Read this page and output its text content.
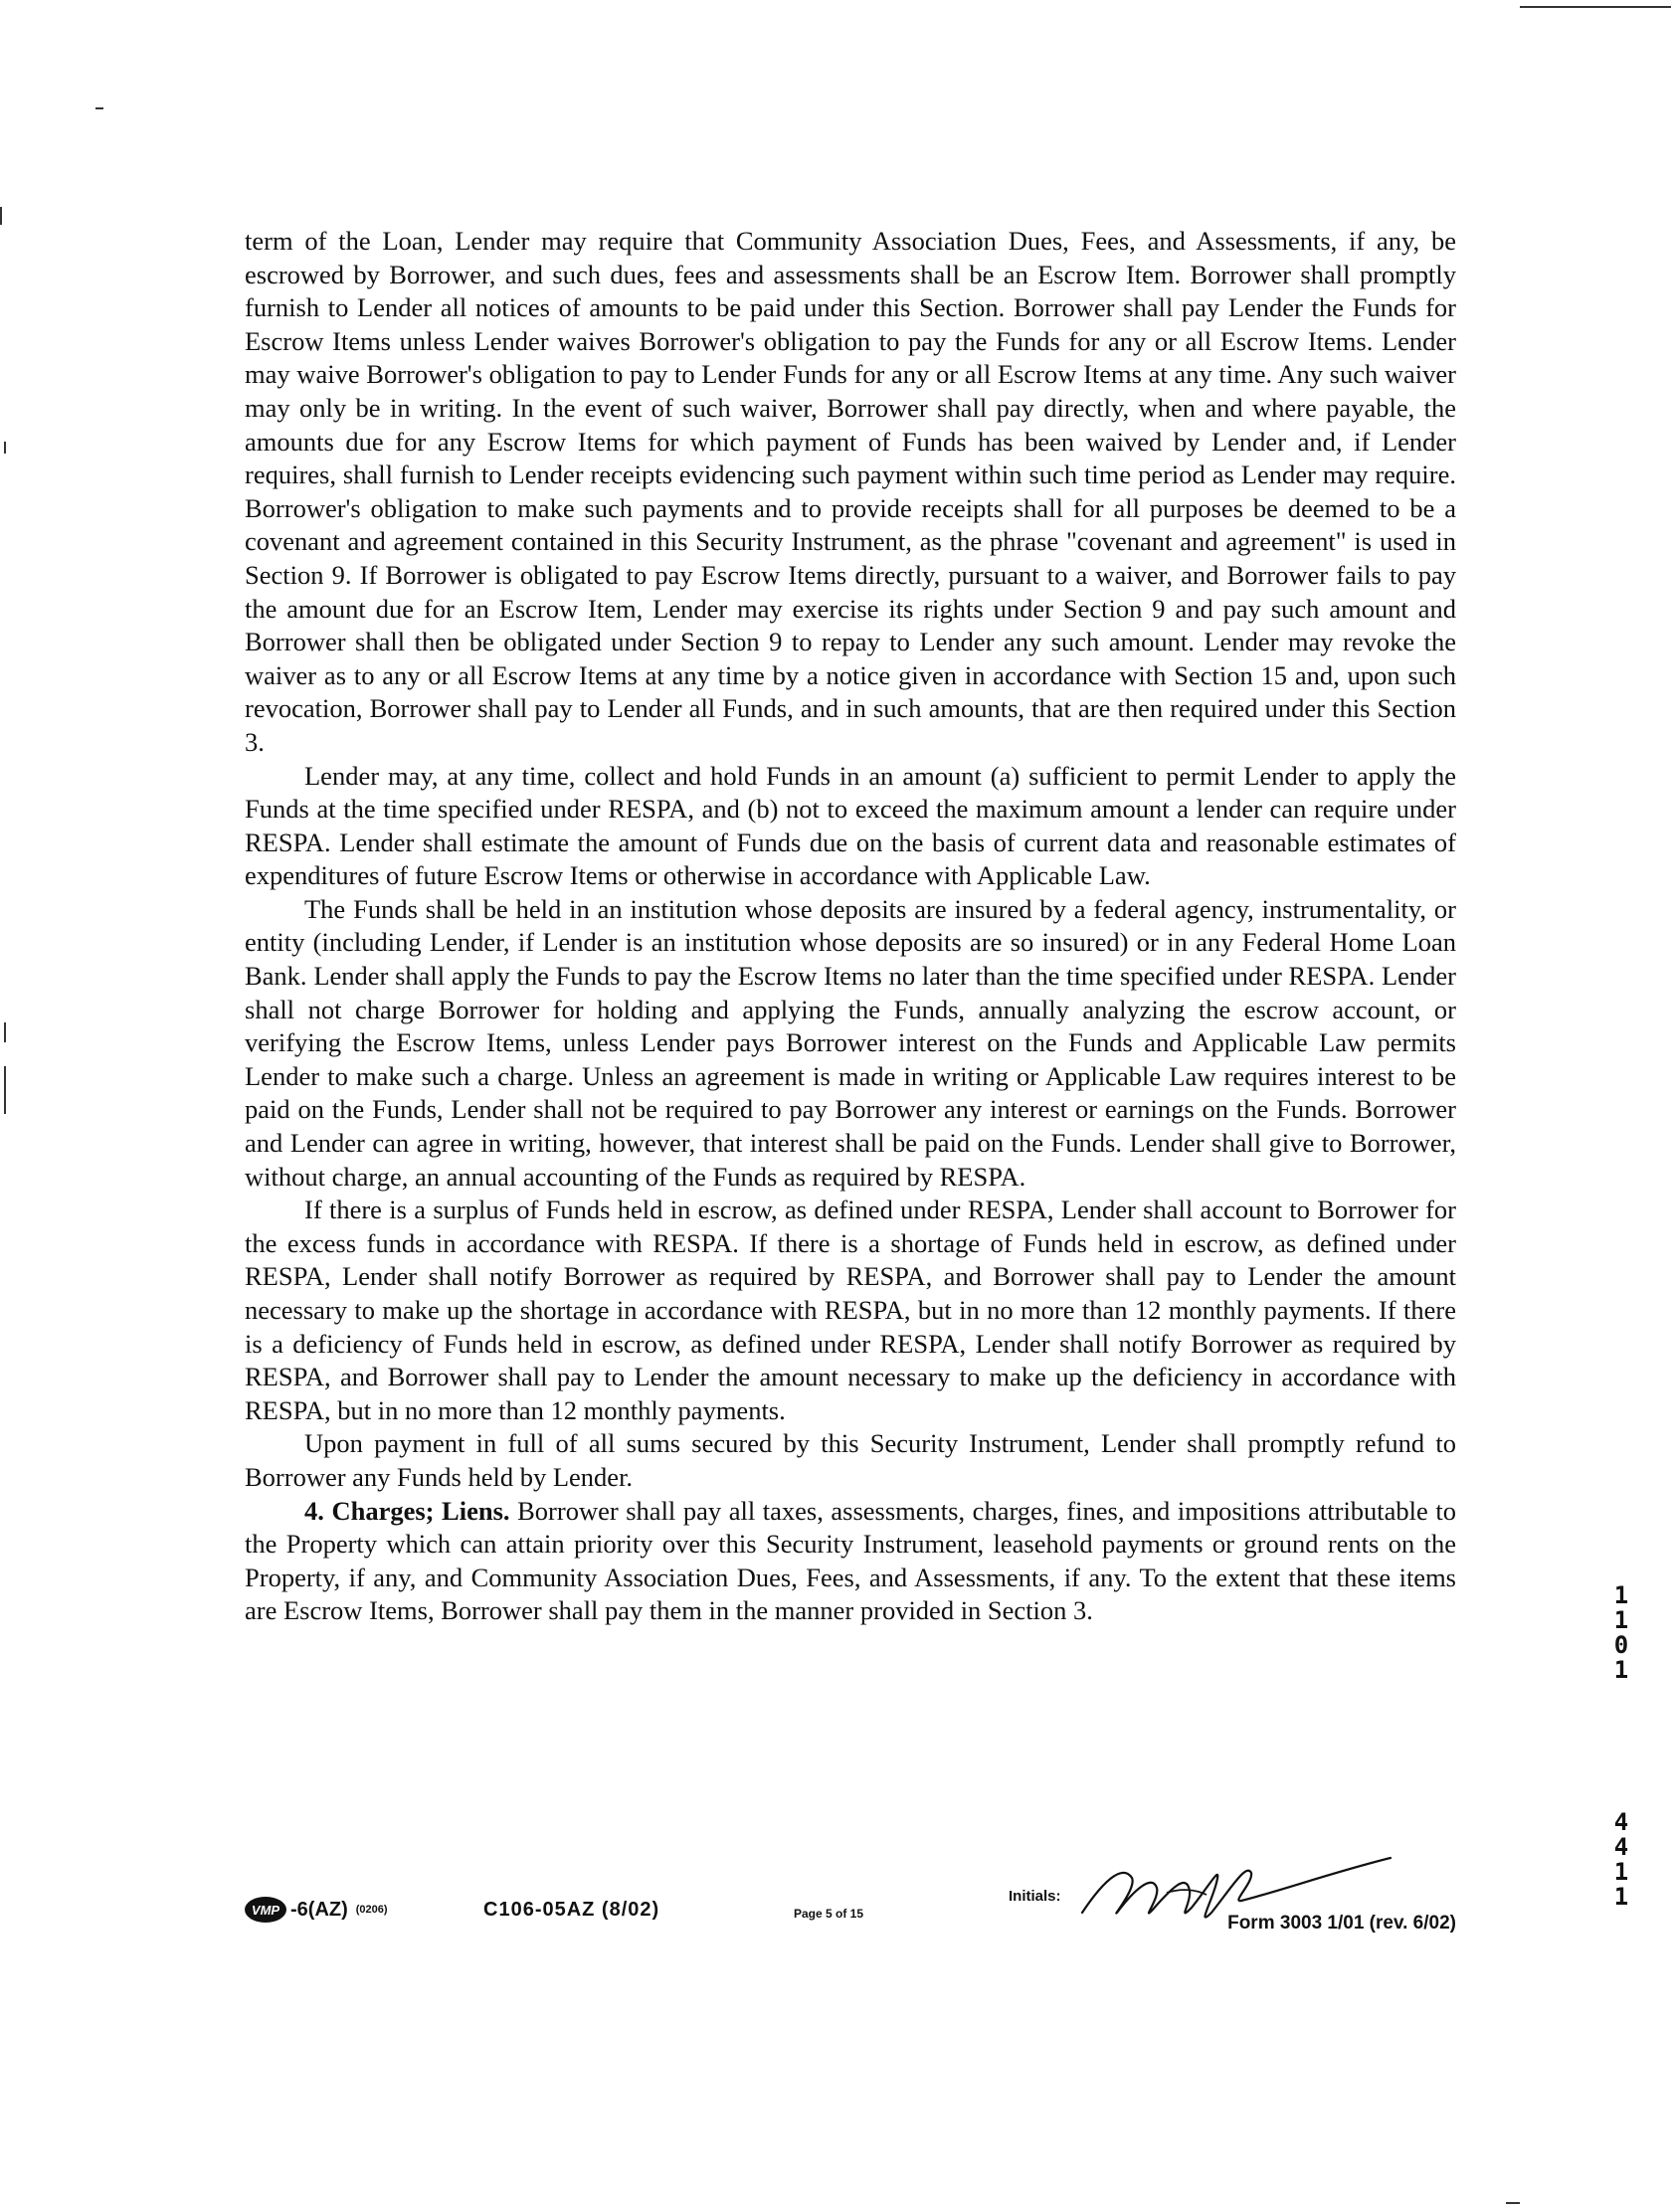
term of the Loan, Lender may require that Community Association Dues, Fees, and Assessments, if any, be escrowed by Borrower, and such dues, fees and assessments shall be an Escrow Item. Borrower shall promptly furnish to Lender all notices of amounts to be paid under this Section. Borrower shall pay Lender the Funds for Escrow Items unless Lender waives Borrower's obligation to pay the Funds for any or all Escrow Items. Lender may waive Borrower's obligation to pay to Lender Funds for any or all Escrow Items at any time. Any such waiver may only be in writing. In the event of such waiver, Borrower shall pay directly, when and where payable, the amounts due for any Escrow Items for which payment of Funds has been waived by Lender and, if Lender requires, shall furnish to Lender receipts evidencing such payment within such time period as Lender may require. Borrower's obligation to make such payments and to provide receipts shall for all purposes be deemed to be a covenant and agreement contained in this Security Instrument, as the phrase "covenant and agreement" is used in Section 9. If Borrower is obligated to pay Escrow Items directly, pursuant to a waiver, and Borrower fails to pay the amount due for an Escrow Item, Lender may exercise its rights under Section 9 and pay such amount and Borrower shall then be obligated under Section 9 to repay to Lender any such amount. Lender may revoke the waiver as to any or all Escrow Items at any time by a notice given in accordance with Section 15 and, upon such revocation, Borrower shall pay to Lender all Funds, and in such amounts, that are then required under this Section 3.

Lender may, at any time, collect and hold Funds in an amount (a) sufficient to permit Lender to apply the Funds at the time specified under RESPA, and (b) not to exceed the maximum amount a lender can require under RESPA. Lender shall estimate the amount of Funds due on the basis of current data and reasonable estimates of expenditures of future Escrow Items or otherwise in accordance with Applicable Law.

The Funds shall be held in an institution whose deposits are insured by a federal agency, instrumentality, or entity (including Lender, if Lender is an institution whose deposits are so insured) or in any Federal Home Loan Bank. Lender shall apply the Funds to pay the Escrow Items no later than the time specified under RESPA. Lender shall not charge Borrower for holding and applying the Funds, annually analyzing the escrow account, or verifying the Escrow Items, unless Lender pays Borrower interest on the Funds and Applicable Law permits Lender to make such a charge. Unless an agreement is made in writing or Applicable Law requires interest to be paid on the Funds, Lender shall not be required to pay Borrower any interest or earnings on the Funds. Borrower and Lender can agree in writing, however, that interest shall be paid on the Funds. Lender shall give to Borrower, without charge, an annual accounting of the Funds as required by RESPA.

If there is a surplus of Funds held in escrow, as defined under RESPA, Lender shall account to Borrower for the excess funds in accordance with RESPA. If there is a shortage of Funds held in escrow, as defined under RESPA, Lender shall notify Borrower as required by RESPA, and Borrower shall pay to Lender the amount necessary to make up the shortage in accordance with RESPA, but in no more than 12 monthly payments. If there is a deficiency of Funds held in escrow, as defined under RESPA, Lender shall notify Borrower as required by RESPA, and Borrower shall pay to Lender the amount necessary to make up the deficiency in accordance with RESPA, but in no more than 12 monthly payments.

Upon payment in full of all sums secured by this Security Instrument, Lender shall promptly refund to Borrower any Funds held by Lender.

4. Charges; Liens. Borrower shall pay all taxes, assessments, charges, fines, and impositions attributable to the Property which can attain priority over this Security Instrument, leasehold payments or ground rents on the Property, if any, and Community Association Dues, Fees, and Assessments, if any. To the extent that these items are Escrow Items, Borrower shall pay them in the manner provided in Section 3.

VMP -6(AZ) (0206)	C106-05AZ (8/02)	Page 5 of 15
Initials:
Form 3003 1/01 (rev. 6/02)
1
1
0
1
4
4
1
1
